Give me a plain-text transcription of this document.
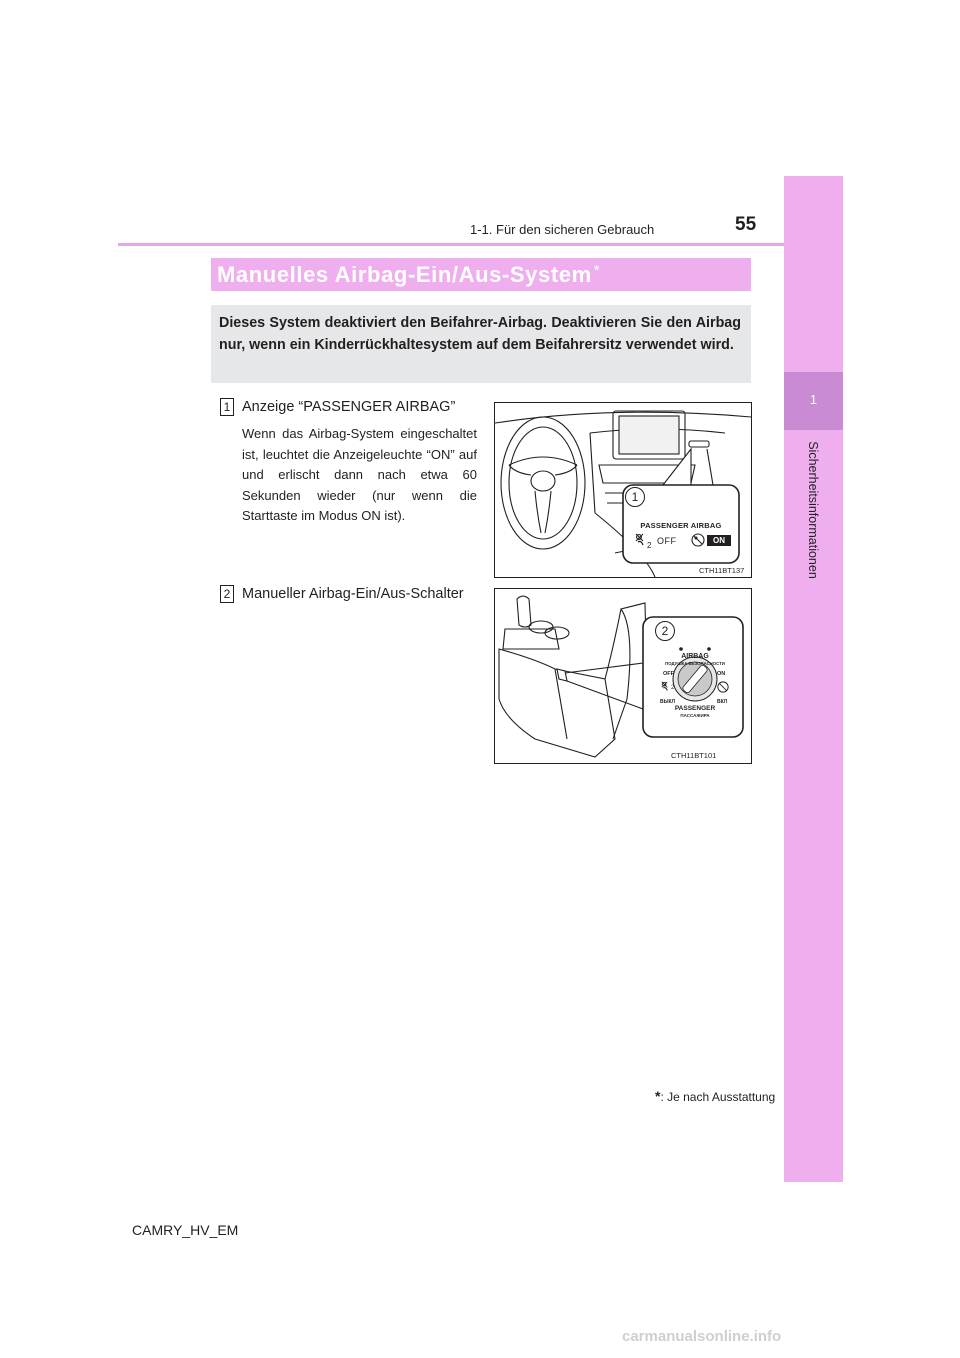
1-1. Für den sicheren Gebrauch	55
1
Sicherheitsinformationen
Manuelles Airbag-Ein/Aus-System *
Dieses System deaktiviert den Beifahrer-Airbag. Deaktivieren Sie den Airbag nur, wenn ein Kinderrückhaltesystem auf dem Beifahrersitz verwendet wird.
1 Anzeige “PASSENGER AIRBAG”
Wenn das Airbag-System eingeschaltet ist, leuchtet die Anzeigeleuchte “ON” auf und erlischt dann nach etwa 60 Sekunden wieder (nur wenn die Starttaste im Modus ON ist).
2 Manueller Airbag-Ein/Aus-Schalter
1
PASSENGER AIRBAG
2 OFF	ON
CTH11BT137
2
AIRBAG
ПОДУШКА БЕЗОПАСНОСТИ
OFF	ON
2
ВЫКЛ	ВКЛ
PASSENGER
ПАССАЖИРА
CTH11BT101
*: Je nach Ausstattung
CAMRY_HV_EM
carmanualsonline.info
